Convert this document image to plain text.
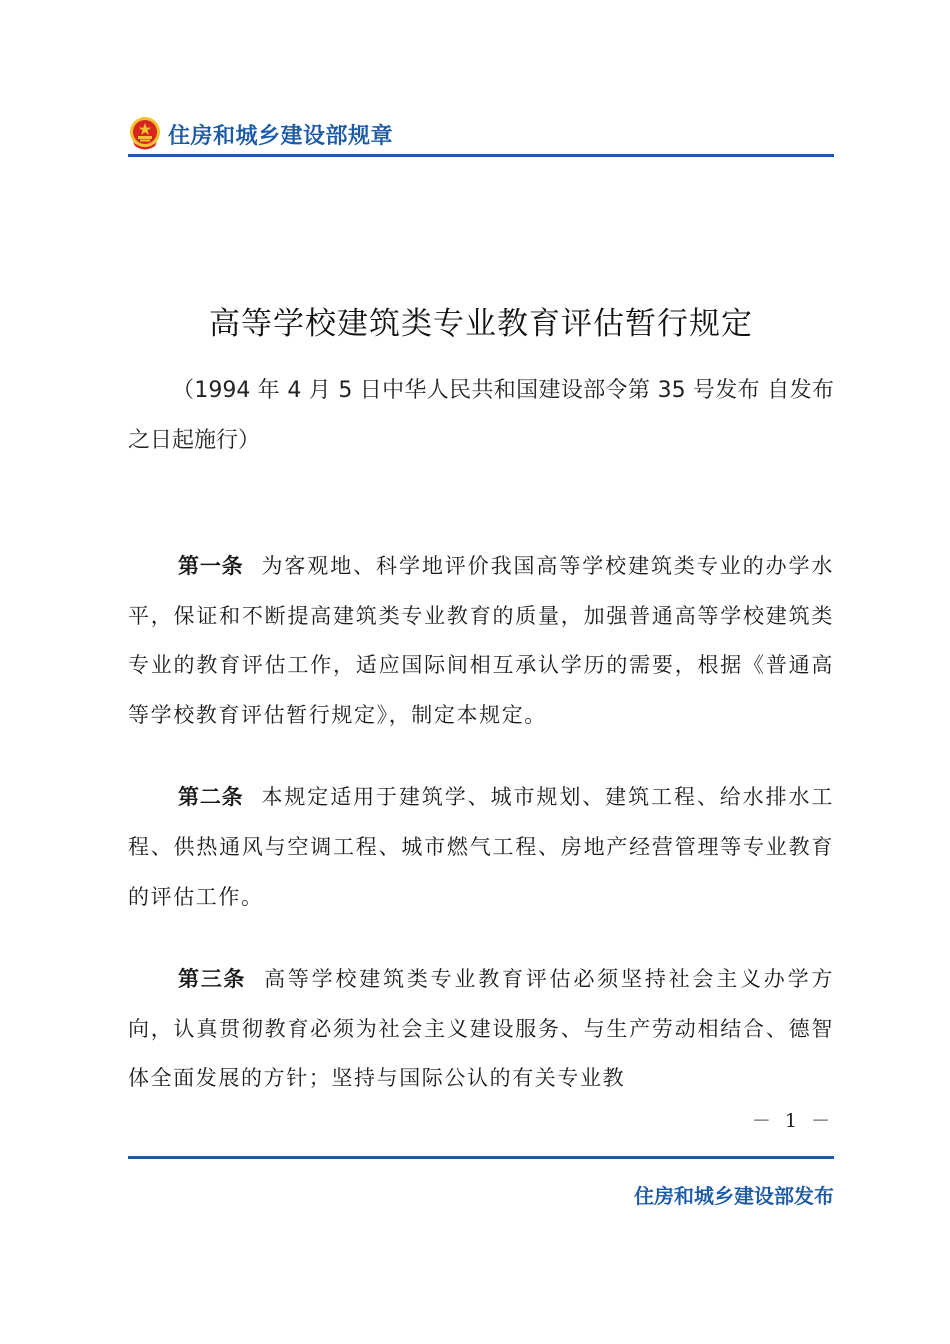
住房和城乡建设部规章
高等学校建筑类专业教育评估暂行规定
（1994 年 4 月 5 日中华人民共和国建设部令第 35 号发布 自发布之日起施行）

第一条 为客观地、科学地评价我国高等学校建筑类专业的办学水平，保证和不断提高建筑类专业教育的质量，加强普通高等学校建筑类专业的教育评估工作，适应国际间相互承认学历的需要，根据《普通高等学校教育评估暂行规定》，制定本规定。

第二条 本规定适用于建筑学、城市规划、建筑工程、给水排水工程、供热通风与空调工程、城市燃气工程、房地产经营管理等专业教育的评估工作。

第三条 高等学校建筑类专业教育评估必须坚持社会主义办学方向，认真贯彻教育必须为社会主义建设服务、与生产劳动相结合、德智体全面发展的方针；坚持与国际公认的有关专业教

－ 1 －
住房和城乡建设部发布
